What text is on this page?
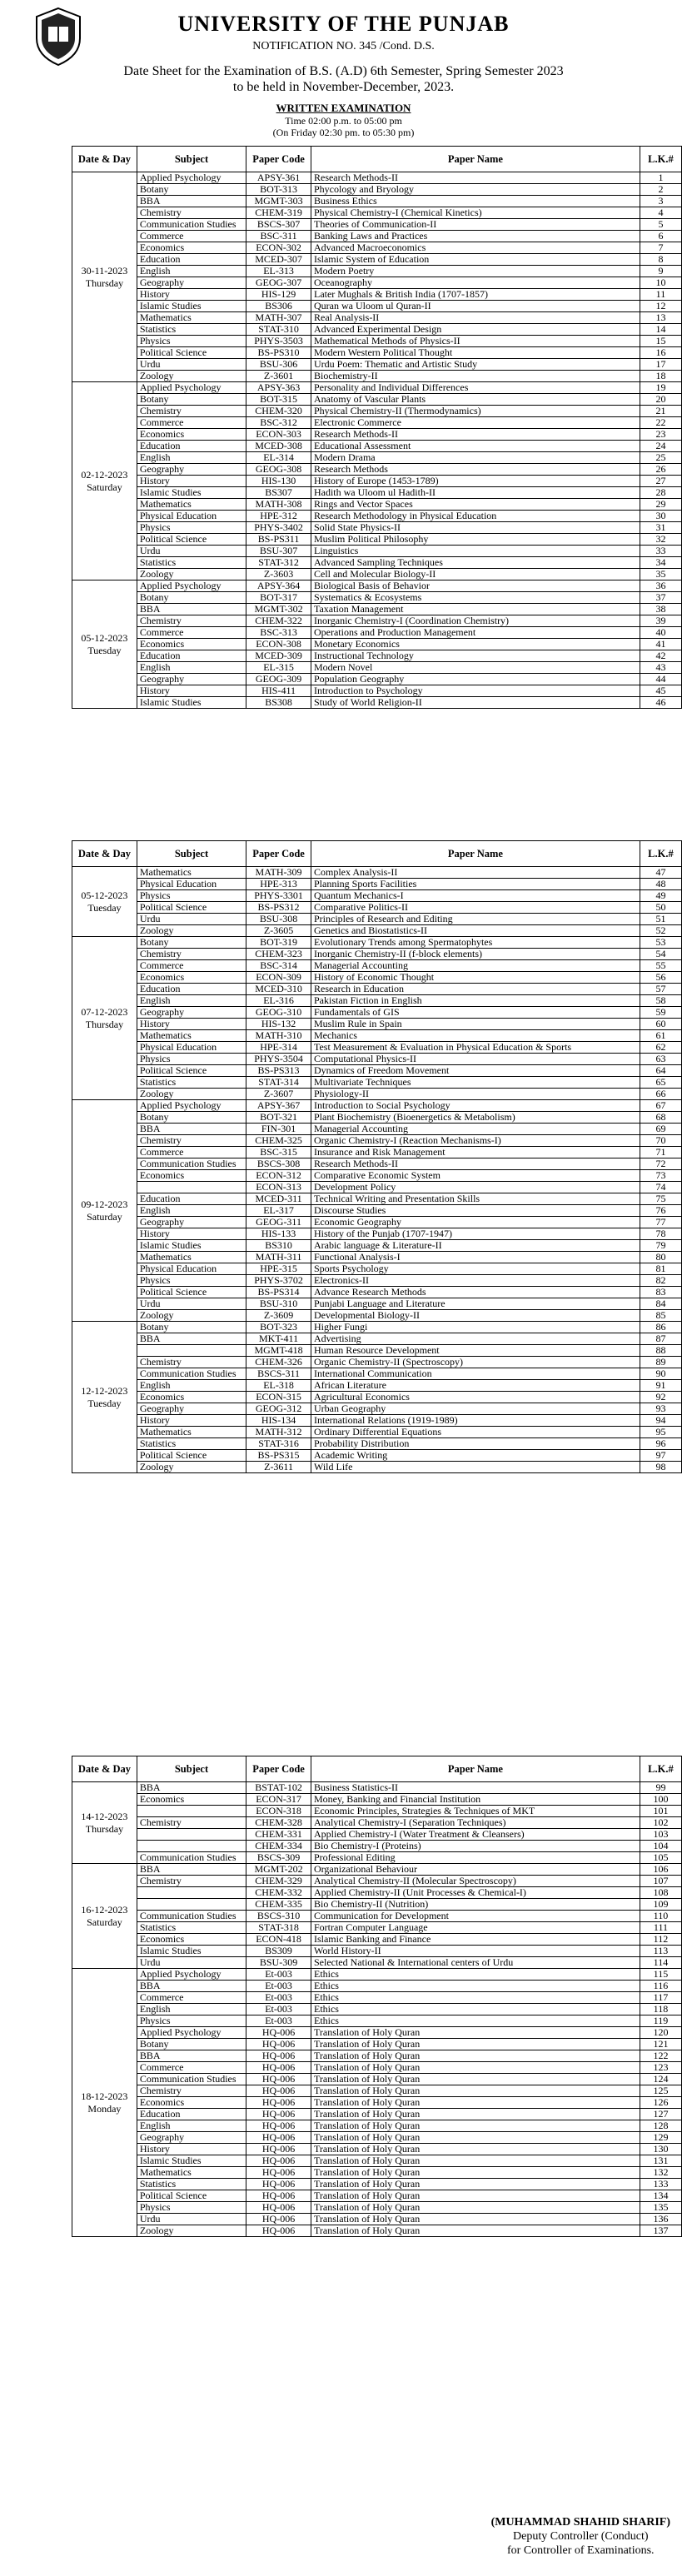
UNIVERSITY OF THE PUNJAB
NOTIFICATION NO. 345 /Cond. D.S.
Date Sheet for the Examination of B.S. (A.D) 6th Semester, Spring Semester 2023
to be held in November-December, 2023.
WRITTEN EXAMINATION
Time 02:00 p.m. to 05:00 pm
(On Friday 02:30 pm. to 05:30 pm)
Date & Day	Subject	Paper Code	Paper Name	L.K.#
30-11-2023 Thursday	Applied Psychology	APSY-361	Research Methods-II	1
	Botany	BOT-313	Phycology and Bryology	2
	BBA	MGMT-303	Business Ethics	3
	Chemistry	CHEM-319	Physical Chemistry-I (Chemical Kinetics)	4
	Communication Studies	BSCS-307	Theories of Communication-II	5
	Commerce	BSC-311	Banking Laws and Practices	6
	Economics	ECON-302	Advanced Macroeconomics	7
	Education	MCED-307	Islamic System of Education	8
	English	EL-313	Modern Poetry	9
	Geography	GEOG-307	Oceanography	10
	History	HIS-129	Later Mughals & British India (1707-1857)	11
	Islamic Studies	BS306	Quran wa Uloom ul Quran-II	12
	Mathematics	MATH-307	Real Analysis-II	13
	Statistics	STAT-310	Advanced Experimental Design	14
	Physics	PHYS-3503	Mathematical Methods of Physics-II	15
	Political Science	BS-PS310	Modern Western Political Thought	16
	Urdu	BSU-306	Urdu Poem: Thematic and Artistic Study	17
	Zoology	Z-3601	Biochemistry-II	18
02-12-2023 Saturday	Applied Psychology	APSY-363	Personality and Individual Differences	19
	Botany	BOT-315	Anatomy of Vascular Plants	20
	Chemistry	CHEM-320	Physical Chemistry-II (Thermodynamics)	21
	Commerce	BSC-312	Electronic Commerce	22
	Economics	ECON-303	Research Methods-II	23
	Education	MCED-308	Educational Assessment	24
	English	EL-314	Modern Drama	25
	Geography	GEOG-308	Research Methods	26
	History	HIS-130	History of Europe (1453-1789)	27
	Islamic Studies	BS307	Hadith wa Uloom ul Hadith-II	28
	Mathematics	MATH-308	Rings and Vector Spaces	29
	Physical Education	HPE-312	Research Methodology in Physical Education	30
	Physics	PHYS-3402	Solid State Physics-II	31
	Political Science	BS-PS311	Muslim Political Philosophy	32
	Urdu	BSU-307	Linguistics	33
	Statistics	STAT-312	Advanced Sampling Techniques	34
	Zoology	Z-3603	Cell and Molecular Biology-II	35
05-12-2023 Tuesday	Applied Psychology	APSY-364	Biological Basis of Behavior	36
	Botany	BOT-317	Systematics & Ecosystems	37
	BBA	MGMT-302	Taxation Management	38
	Chemistry	CHEM-322	Inorganic Chemistry-I (Coordination Chemistry)	39
	Commerce	BSC-313	Operations and Production Management	40
	Economics	ECON-308	Monetary Economics	41
	Education	MCED-309	Instructional Technology	42
	English	EL-315	Modern Novel	43
	Geography	GEOG-309	Population Geography	44
	History	HIS-411	Introduction to Psychology	45
	Islamic Studies	BS308	Study of World Religion-II	46
Date & Day	Subject	Paper Code	Paper Name	L.K.#
05-12-2023 Tuesday	Mathematics	MATH-309	Complex Analysis-II	47
	Physical Education	HPE-313	Planning Sports Facilities	48
	Physics	PHYS-3301	Quantum Mechanics-I	49
	Political Science	BS-PS312	Comparative Politics-II	50
	Urdu	BSU-308	Principles of Research and Editing	51
	Zoology	Z-3605	Genetics and Biostatistics-II	52
07-12-2023 Thursday	Botany	BOT-319	Evolutionary Trends among Spermatophytes	53
	Chemistry	CHEM-323	Inorganic Chemistry-II (f-block elements)	54
	Commerce	BSC-314	Managerial Accounting	55
	Economics	ECON-309	History of Economic Thought	56
	Education	MCED-310	Research in Education	57
	English	EL-316	Pakistan Fiction in English	58
	Geography	GEOG-310	Fundamentals of GIS	59
	History	HIS-132	Muslim Rule in Spain	60
	Mathematics	MATH-310	Mechanics	61
	Physical Education	HPE-314	Test Measurement & Evaluation in Physical Education & Sports	62
	Physics	PHYS-3504	Computational Physics-II	63
	Political Science	BS-PS313	Dynamics of Freedom Movement	64
	Statistics	STAT-314	Multivariate Techniques	65
	Zoology	Z-3607	Physiology-II	66
09-12-2023 Saturday	Applied Psychology	APSY-367	Introduction to Social Psychology	67
	Botany	BOT-321	Plant Biochemistry (Bioenergetics & Metabolism)	68
	BBA	FIN-301	Managerial Accounting	69
	Chemistry	CHEM-325	Organic Chemistry-I (Reaction Mechanisms-I)	70
	Commerce	BSC-315	Insurance and Risk Management	71
	Communication Studies	BSCS-308	Research Methods-II	72
	Economics	ECON-312	Comparative Economic System	73
		ECON-313	Development Policy	74
	Education	MCED-311	Technical Writing and Presentation Skills	75
	English	EL-317	Discourse Studies	76
	Geography	GEOG-311	Economic Geography	77
	History	HIS-133	History of the Punjab (1707-1947)	78
	Islamic Studies	BS310	Arabic language & Literature-II	79
	Mathematics	MATH-311	Functional Analysis-I	80
	Physical Education	HPE-315	Sports Psychology	81
	Physics	PHYS-3702	Electronics-II	82
	Political Science	BS-PS314	Advance Research Methods	83
	Urdu	BSU-310	Punjabi Language and Literature	84
	Zoology	Z-3609	Developmental Biology-II	85
12-12-2023 Tuesday	Botany	BOT-323	Higher Fungi	86
	BBA	MKT-411	Advertising	87
		MGMT-418	Human Resource Development	88
	Chemistry	CHEM-326	Organic Chemistry-II (Spectroscopy)	89
	Communication Studies	BSCS-311	International Communication	90
	English	EL-318	African Literature	91
	Economics	ECON-315	Agricultural Economics	92
	Geography	GEOG-312	Urban Geography	93
	History	HIS-134	International Relations (1919-1989)	94
	Mathematics	MATH-312	Ordinary Differential Equations	95
	Statistics	STAT-316	Probability Distribution	96
	Political Science	BS-PS315	Academic Writing	97
	Zoology	Z-3611	Wild Life	98
Date & Day	Subject	Paper Code	Paper Name	L.K.#
14-12-2023 Thursday	BBA	BSTAT-102	Business Statistics-II	99
	Economics	ECON-317	Money, Banking and Financial Institution	100
		ECON-318	Economic Principles, Strategies & Techniques of MKT	101
	Chemistry	CHEM-328	Analytical Chemistry-I (Separation Techniques)	102
		CHEM-331	Applied Chemistry-I (Water Treatment & Cleansers)	103
		CHEM-334	Bio Chemistry-I (Proteins)	104
	Communication Studies	BSCS-309	Professional Editing	105
16-12-2023 Saturday	BBA	MGMT-202	Organizational Behaviour	106
	Chemistry	CHEM-329	Analytical Chemistry-II (Molecular Spectroscopy)	107
		CHEM-332	Applied Chemistry-II (Unit Processes & Chemical-I)	108
		CHEM-335	Bio Chemistry-II (Nutrition)	109
	Communication Studies	BSCS-310	Communication for Development	110
	Statistics	STAT-318	Fortran Computer Language	111
	Economics	ECON-418	Islamic Banking and Finance	112
	Islamic Studies	BS309	World History-II	113
	Urdu	BSU-309	Selected National & International centers of Urdu	114
18-12-2023 Monday	Applied Psychology	Et-003	Ethics	115
	BBA	Et-003	Ethics	116
	Commerce	Et-003	Ethics	117
	English	Et-003	Ethics	118
	Physics	Et-003	Ethics	119
	Applied Psychology	HQ-006	Translation of Holy Quran	120
	Botany	HQ-006	Translation of Holy Quran	121
	BBA	HQ-006	Translation of Holy Quran	122
	Commerce	HQ-006	Translation of Holy Quran	123
	Communication Studies	HQ-006	Translation of Holy Quran	124
	Chemistry	HQ-006	Translation of Holy Quran	125
	Economics	HQ-006	Translation of Holy Quran	126
	Education	HQ-006	Translation of Holy Quran	127
	English	HQ-006	Translation of Holy Quran	128
	Geography	HQ-006	Translation of Holy Quran	129
	History	HQ-006	Translation of Holy Quran	130
	Islamic Studies	HQ-006	Translation of Holy Quran	131
	Mathematics	HQ-006	Translation of Holy Quran	132
	Statistics	HQ-006	Translation of Holy Quran	133
	Political Science	HQ-006	Translation of Holy Quran	134
	Physics	HQ-006	Translation of Holy Quran	135
	Urdu	HQ-006	Translation of Holy Quran	136
	Zoology	HQ-006	Translation of Holy Quran	137
(MUHAMMAD SHAHID SHARIF)
Deputy Controller (Conduct)
for Controller of Examinations.
